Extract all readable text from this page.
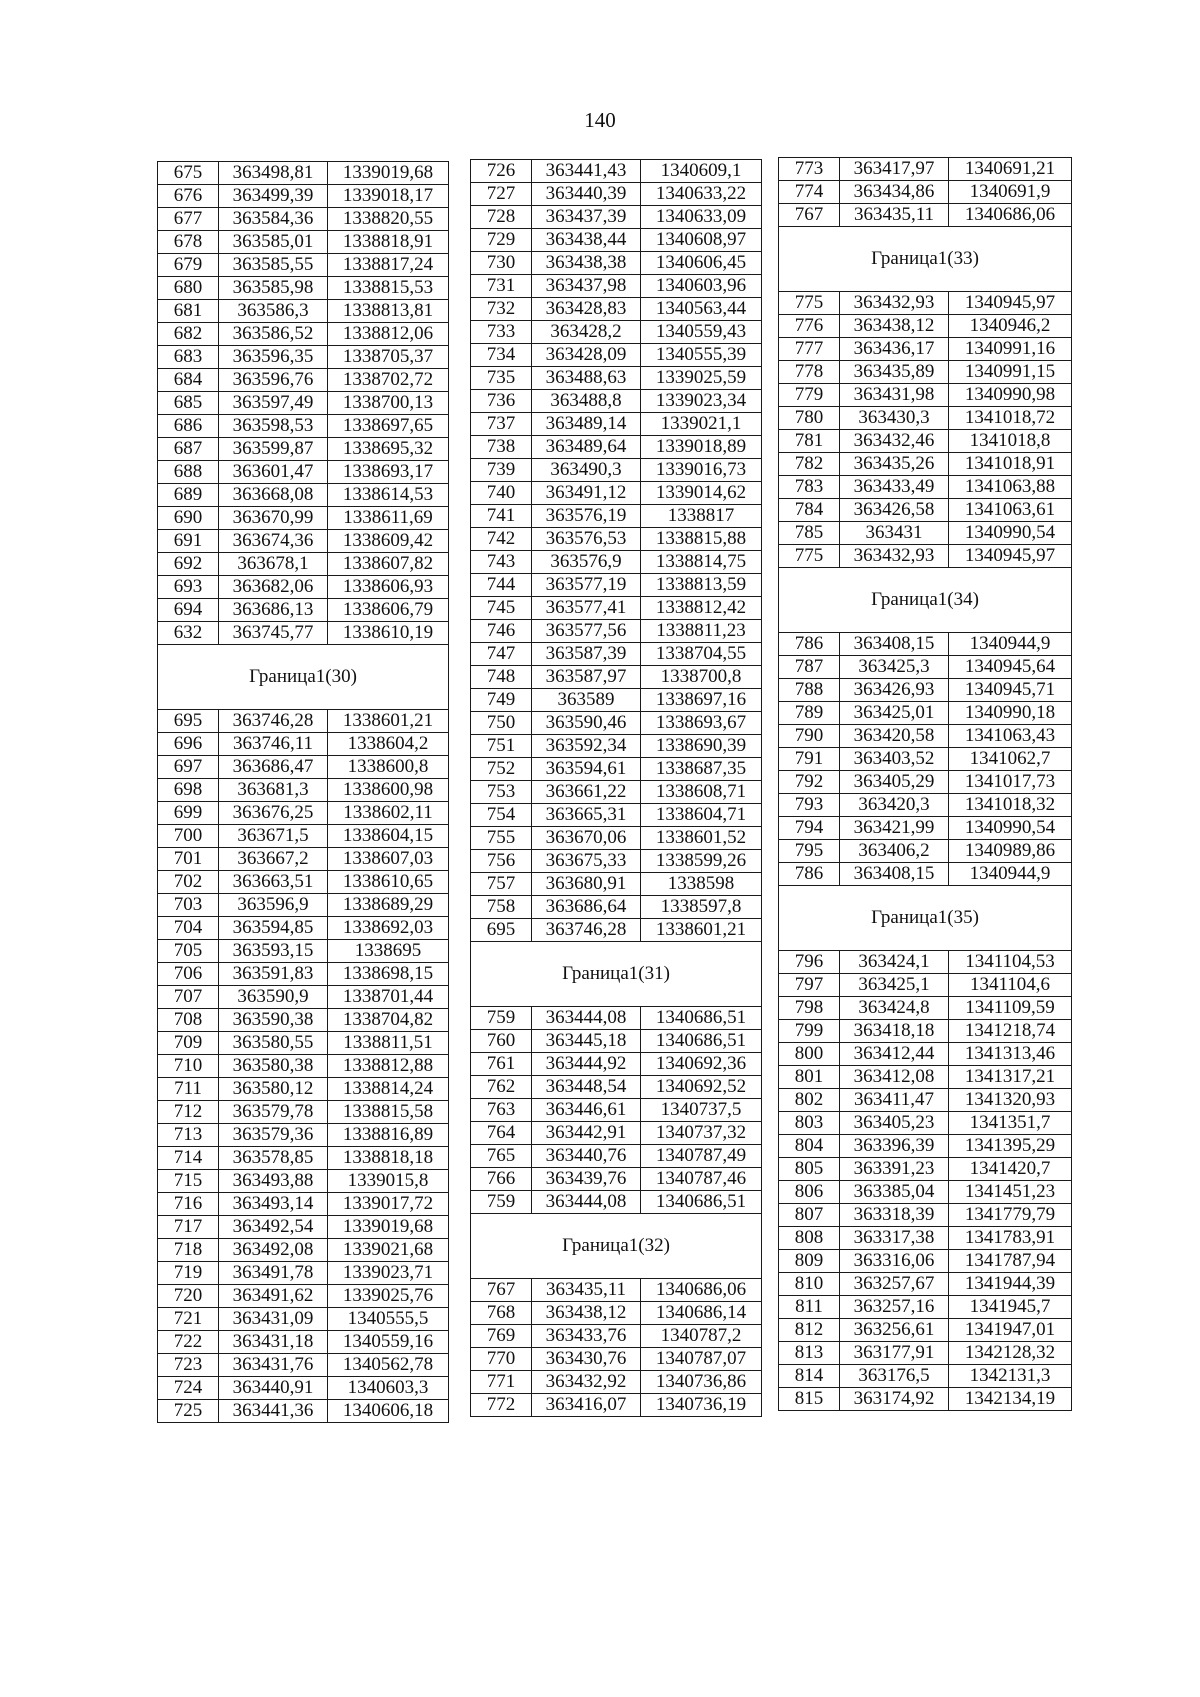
140
675	363498,81	1339019,68
676	363499,39	1339018,17
677	363584,36	1338820,55
678	363585,01	1338818,91
679	363585,55	1338817,24
680	363585,98	1338815,53
681	363586,3	1338813,81
682	363586,52	1338812,06
683	363596,35	1338705,37
684	363596,76	1338702,72
685	363597,49	1338700,13
686	363598,53	1338697,65
687	363599,87	1338695,32
688	363601,47	1338693,17
689	363668,08	1338614,53
690	363670,99	1338611,69
691	363674,36	1338609,42
692	363678,1	1338607,82
693	363682,06	1338606,93
694	363686,13	1338606,79
632	363745,77	1338610,19
Граница1(30)		
695	363746,28	1338601,21
696	363746,11	1338604,2
697	363686,47	1338600,8
698	363681,3	1338600,98
699	363676,25	1338602,11
700	363671,5	1338604,15
701	363667,2	1338607,03
702	363663,51	1338610,65
703	363596,9	1338689,29
704	363594,85	1338692,03
705	363593,15	1338695
706	363591,83	1338698,15
707	363590,9	1338701,44
708	363590,38	1338704,82
709	363580,55	1338811,51
710	363580,38	1338812,88
711	363580,12	1338814,24
712	363579,78	1338815,58
713	363579,36	1338816,89
714	363578,85	1338818,18
715	363493,88	1339015,8
716	363493,14	1339017,72
717	363492,54	1339019,68
718	363492,08	1339021,68
719	363491,78	1339023,71
720	363491,62	1339025,76
721	363431,09	1340555,5
722	363431,18	1340559,16
723	363431,76	1340562,78
724	363440,91	1340603,3
725	363441,36	1340606,18
726	363441,43	1340609,1
727	363440,39	1340633,22
728	363437,39	1340633,09
729	363438,44	1340608,97
730	363438,38	1340606,45
731	363437,98	1340603,96
732	363428,83	1340563,44
733	363428,2	1340559,43
734	363428,09	1340555,39
735	363488,63	1339025,59
736	363488,8	1339023,34
737	363489,14	1339021,1
738	363489,64	1339018,89
739	363490,3	1339016,73
740	363491,12	1339014,62
741	363576,19	1338817
742	363576,53	1338815,88
743	363576,9	1338814,75
744	363577,19	1338813,59
745	363577,41	1338812,42
746	363577,56	1338811,23
747	363587,39	1338704,55
748	363587,97	1338700,8
749	363589	1338697,16
750	363590,46	1338693,67
751	363592,34	1338690,39
752	363594,61	1338687,35
753	363661,22	1338608,71
754	363665,31	1338604,71
755	363670,06	1338601,52
756	363675,33	1338599,26
757	363680,91	1338598
758	363686,64	1338597,8
695	363746,28	1338601,21
Граница1(31)		
759	363444,08	1340686,51
760	363445,18	1340686,51
761	363444,92	1340692,36
762	363448,54	1340692,52
763	363446,61	1340737,5
764	363442,91	1340737,32
765	363440,76	1340787,49
766	363439,76	1340787,46
759	363444,08	1340686,51
Граница1(32)		
767	363435,11	1340686,06
768	363438,12	1340686,14
769	363433,76	1340787,2
770	363430,76	1340787,07
771	363432,92	1340736,86
772	363416,07	1340736,19
773	363417,97	1340691,21
774	363434,86	1340691,9
767	363435,11	1340686,06
Граница1(33)		
775	363432,93	1340945,97
776	363438,12	1340946,2
777	363436,17	1340991,16
778	363435,89	1340991,15
779	363431,98	1340990,98
780	363430,3	1341018,72
781	363432,46	1341018,8
782	363435,26	1341018,91
783	363433,49	1341063,88
784	363426,58	1341063,61
785	363431	1340990,54
775	363432,93	1340945,97
Граница1(34)		
786	363408,15	1340944,9
787	363425,3	1340945,64
788	363426,93	1340945,71
789	363425,01	1340990,18
790	363420,58	1341063,43
791	363403,52	1341062,7
792	363405,29	1341017,73
793	363420,3	1341018,32
794	363421,99	1340990,54
795	363406,2	1340989,86
786	363408,15	1340944,9
Граница1(35)		
796	363424,1	1341104,53
797	363425,1	1341104,6
798	363424,8	1341109,59
799	363418,18	1341218,74
800	363412,44	1341313,46
801	363412,08	1341317,21
802	363411,47	1341320,93
803	363405,23	1341351,7
804	363396,39	1341395,29
805	363391,23	1341420,7
806	363385,04	1341451,23
807	363318,39	1341779,79
808	363317,38	1341783,91
809	363316,06	1341787,94
810	363257,67	1341944,39
811	363257,16	1341945,7
812	363256,61	1341947,01
813	363177,91	1342128,32
814	363176,5	1342131,3
815	363174,92	1342134,19
